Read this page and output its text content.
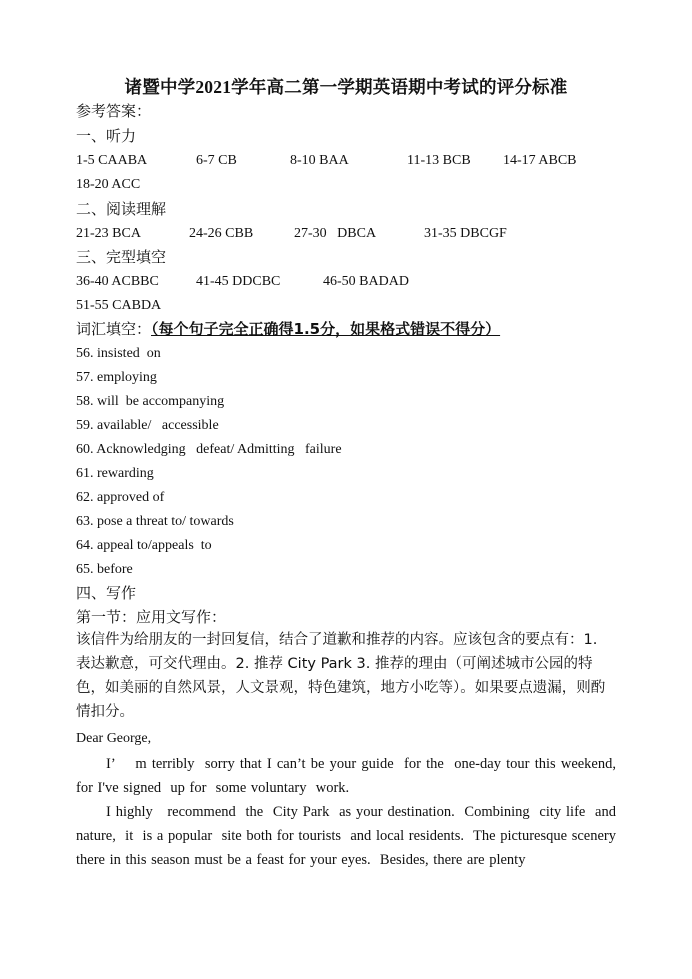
诸暨中学2021学年高二第一学期英语期中考试的评分标准
参考答案：
一、听力
1-5 CAABA	6-7 CB	8-10 BAA	11-13 BCB 14-17 ABCB
18-20 ACC
二、阅读理解
21-23 BCA	24-26 CBB	27-30   DBCA	31-35 DBCGF
三、完型填空
36-40 ACBBC	41-45 DDCBC	46-50 BADAD
51-55 CABDA
词汇填空：（每个句子完全正确得1.5分，如果格式错误不得分）
56. insisted  on
57. employing
58. will  be accompanying
59. available/   accessible
60. Acknowledging   defeat/ Admitting   failure
61. rewarding
62. approved of
63. pose a threat to/ towards
64. appeal to/appeals  to
65. before
四、写作
第一节：应用文写作：
该信件为给朋友的一封回复信，结合了道歉和推荐的内容。应该包含的要点有：1. 表达歉意，可交代理由。2. 推荐 City Park 3. 推荐的理由（可阐述城市公园的特色，如美丽的自然风景，人文景观，特色建筑，地方小吃等）。如果要点遗漏，则酌情扣分。
Dear George,
I’    m terribly  sorry that I can’t be your guide  for the  one-day tour this weekend, for I've signed  up for  some voluntary  work.
I highly   recommend  the  City Park  as your destination.  Combining  city life  and nature,  it  is a popular  site both for tourists  and local residents.  The picturesque scenery there in this season must be a feast for your eyes.  Besides, there are plenty
